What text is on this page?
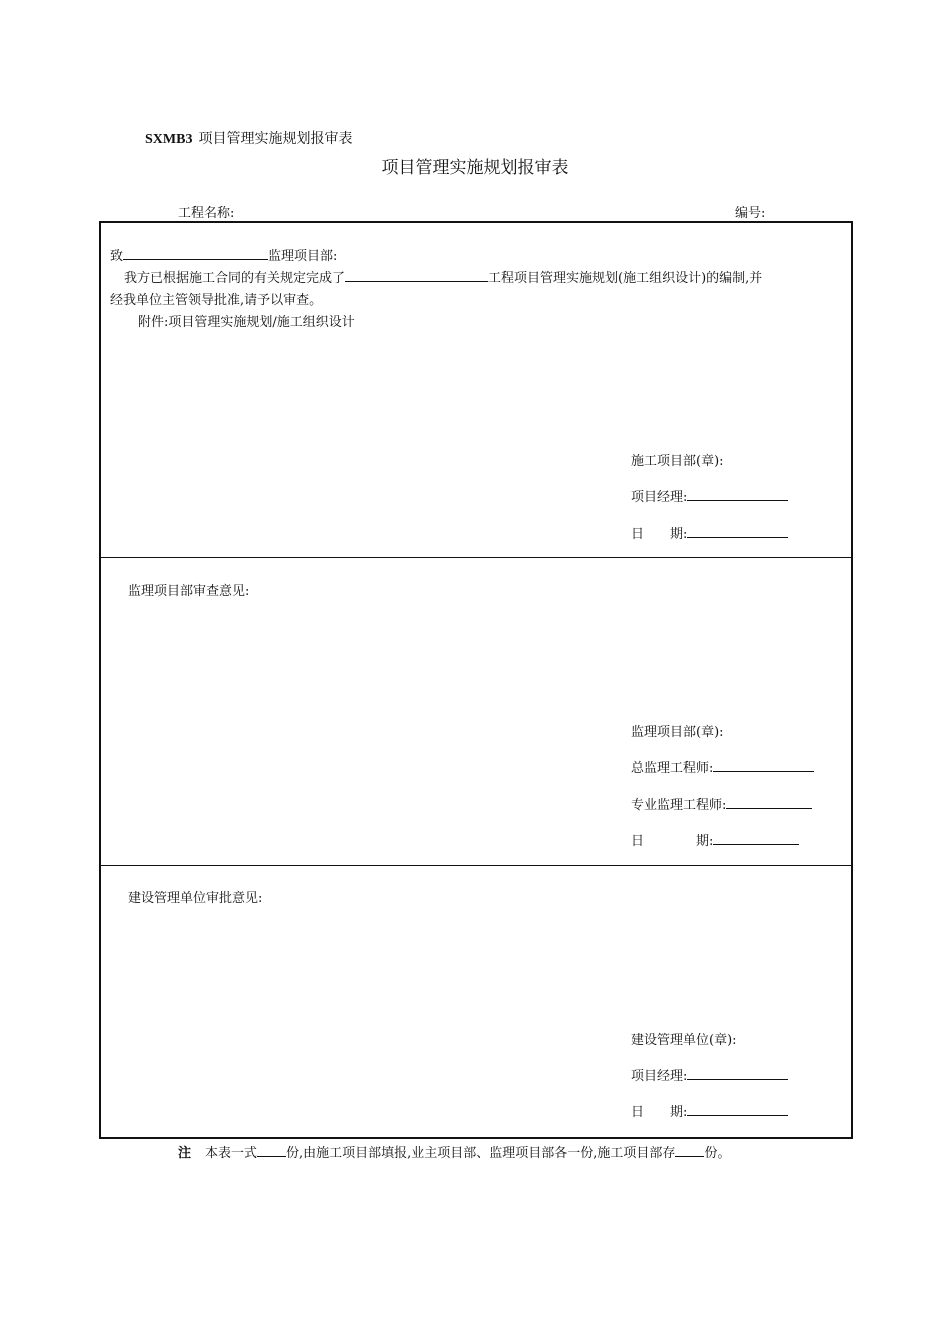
SXMB3 项目管理实施规划报审表
项目管理实施规划报审表
工程名称:	编号:
致	监理项目部:
我方已根据施工合同的有关规定完成了	工程项目管理实施规划(施工组织设计)的编制,并
经我单位主管领导批准,请予以审查。
附件:项目管理实施规划/施工组织设计
施工项目部(章):
项目经理:
日　　期:
监理项目部审查意见:
监理项目部(章):
总监理工程师:
专业监理工程师:
日　　　　期:
建设管理单位审批意见:
建设管理单位(章):
项目经理:
日　　期:
注 本表一式 份,由施工项目部填报,业主项目部、监理项目部各一份,施工项目部存 份。
